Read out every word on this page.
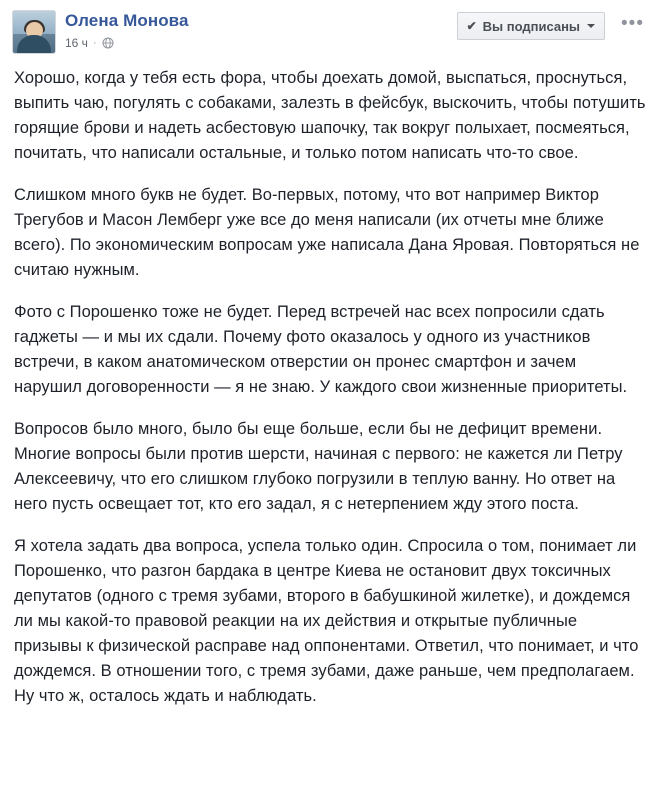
Олена Монова
16 ч ·
✔ Вы подписаны •••

Хорошо, когда у тебя есть фора, чтобы доехать домой, выспаться, проснуться, выпить чаю, погулять с собаками, залезть в фейсбук, выскочить, чтобы потушить горящие брови и надеть асбестовую шапочку, так вокруг полыхает, посмеяться, почитать, что написали остальные, и только потом написать что-то свое.

Слишком много букв не будет. Во-первых, потому, что вот например Виктор Трегубов и Масон Лемберг уже все до меня написали (их отчеты мне ближе всего). По экономическим вопросам уже написала Дана Яровая. Повторяться не считаю нужным.

Фото с Порошенко тоже не будет. Перед встречей нас всех попросили сдать гаджеты — и мы их сдали. Почему фото оказалось у одного из участников встречи, в каком анатомическом отверстии он пронес смартфон и зачем нарушил договоренности — я не знаю. У каждого свои жизненные приоритеты.

Вопросов было много, было бы еще больше, если бы не дефицит времени. Многие вопросы были против шерсти, начиная с первого: не кажется ли Петру Алексеевичу, что его слишком глубоко погрузили в теплую ванну. Но ответ на него пусть освещает тот, кто его задал, я с нетерпением жду этого поста.

Я хотела задать два вопроса, успела только один. Спросила о том, понимает ли Порошенко, что разгон бардака в центре Киева не остановит двух токсичных депутатов (одного с тремя зубами, второго в бабушкиной жилетке), и дождемся ли мы какой-то правовой реакции на их действия и открытые публичные призывы к физической расправе над оппонентами. Ответил, что понимает, и что дождемся. В отношении того, с тремя зубами, даже раньше, чем предполагаем. Ну что ж, осталось ждать и наблюдать.
